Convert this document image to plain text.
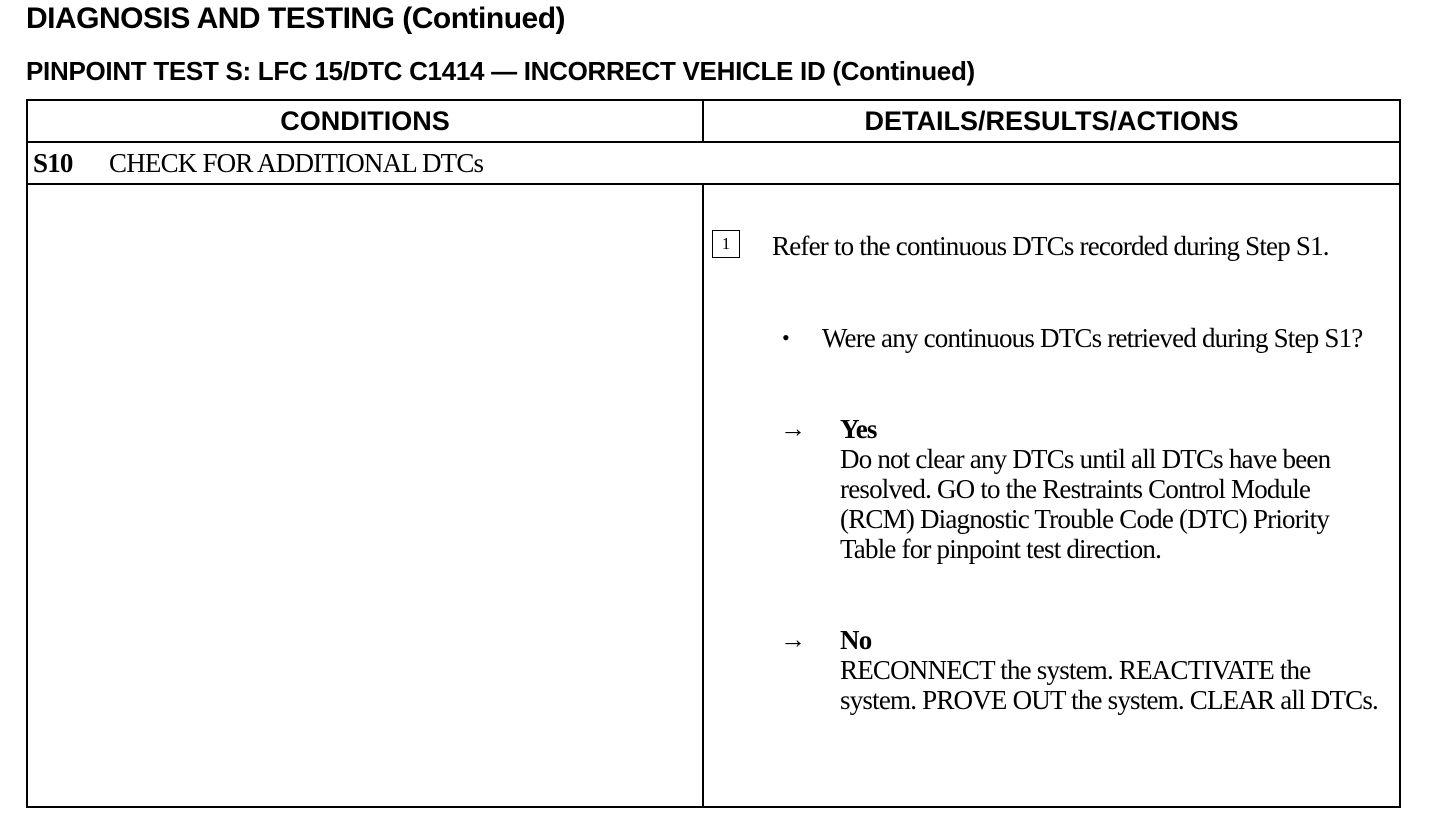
DIAGNOSIS AND TESTING (Continued)
PINPOINT TEST S: LFC 15/DTC C1414 — INCORRECT VEHICLE ID (Continued)
CONDITIONS	DETAILS/RESULTS/ACTIONS
S10	CHECK FOR ADDITIONAL DTCs
1	Refer to the continuous DTCs recorded during Step S1.
• Were any continuous DTCs retrieved during Step S1?
→ Yes
Do not clear any DTCs until all DTCs have been resolved. GO to the Restraints Control Module (RCM) Diagnostic Trouble Code (DTC) Priority Table for pinpoint test direction.
→ No
RECONNECT the system. REACTIVATE the system. PROVE OUT the system. CLEAR all DTCs.
